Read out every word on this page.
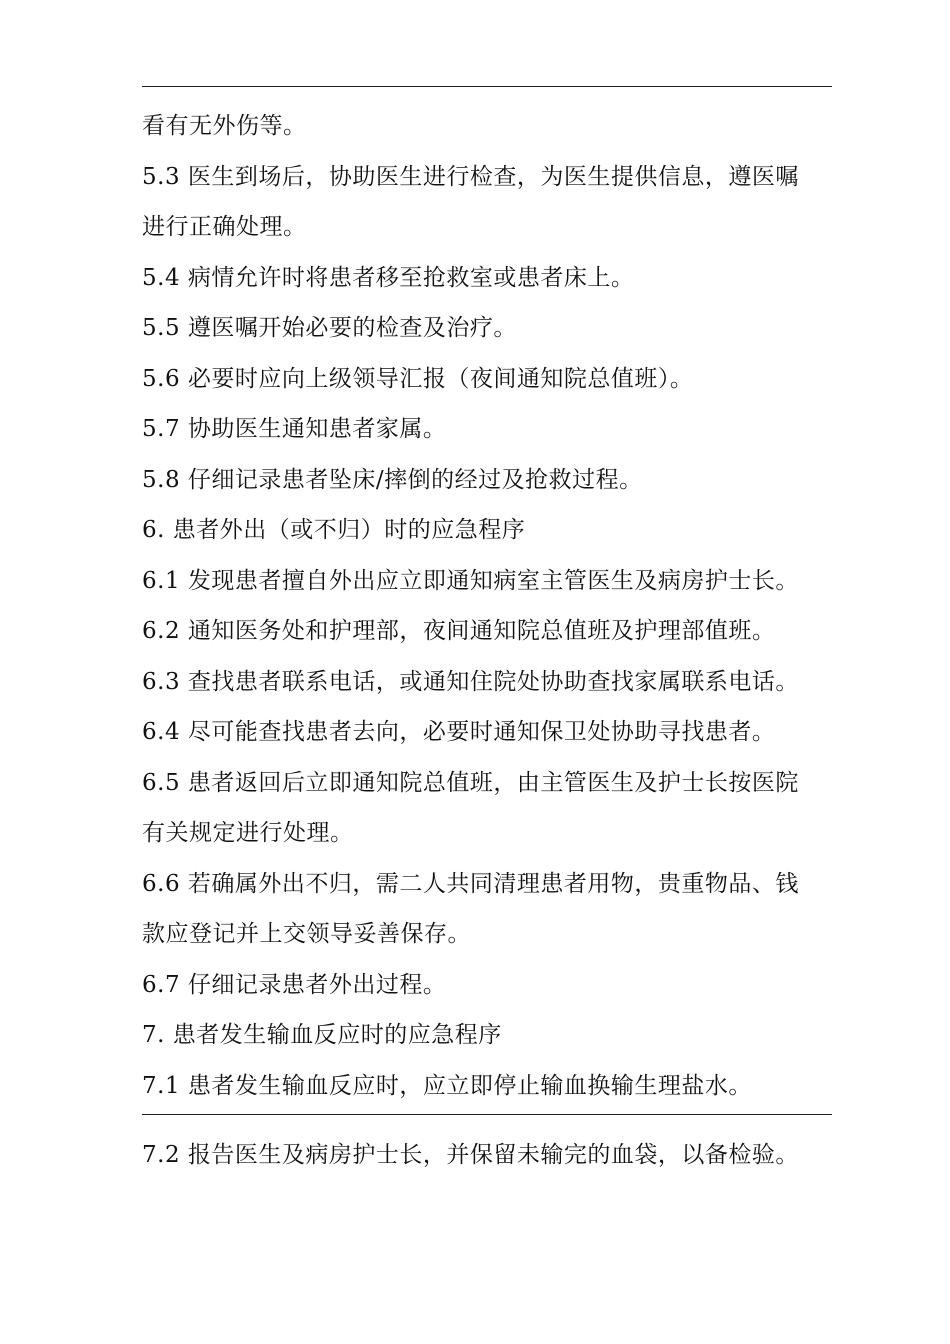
看有无外伤等。
5.3 医生到场后，协助医生进行检查，为医生提供信息，遵医嘱
进行正确处理。
5.4 病情允许时将患者移至抢救室或患者床上。
5.5 遵医嘱开始必要的检查及治疗。
5.6 必要时应向上级领导汇报（夜间通知院总值班）。
5.7 协助医生通知患者家属。
5.8 仔细记录患者坠床/摔倒的经过及抢救过程。
6. 患者外出（或不归）时的应急程序
6.1 发现患者擅自外出应立即通知病室主管医生及病房护士长。
6.2 通知医务处和护理部，夜间通知院总值班及护理部值班。
6.3 查找患者联系电话，或通知住院处协助查找家属联系电话。
6.4 尽可能查找患者去向，必要时通知保卫处协助寻找患者。
6.5 患者返回后立即通知院总值班，由主管医生及护士长按医院
有关规定进行处理。
6.6 若确属外出不归，需二人共同清理患者用物，贵重物品、钱
款应登记并上交领导妥善保存。
6.7 仔细记录患者外出过程。
7. 患者发生输血反应时的应急程序
7.1 患者发生输血反应时，应立即停止输血换输生理盐水。
7.2 报告医生及病房护士长，并保留未输完的血袋，以备检验。
